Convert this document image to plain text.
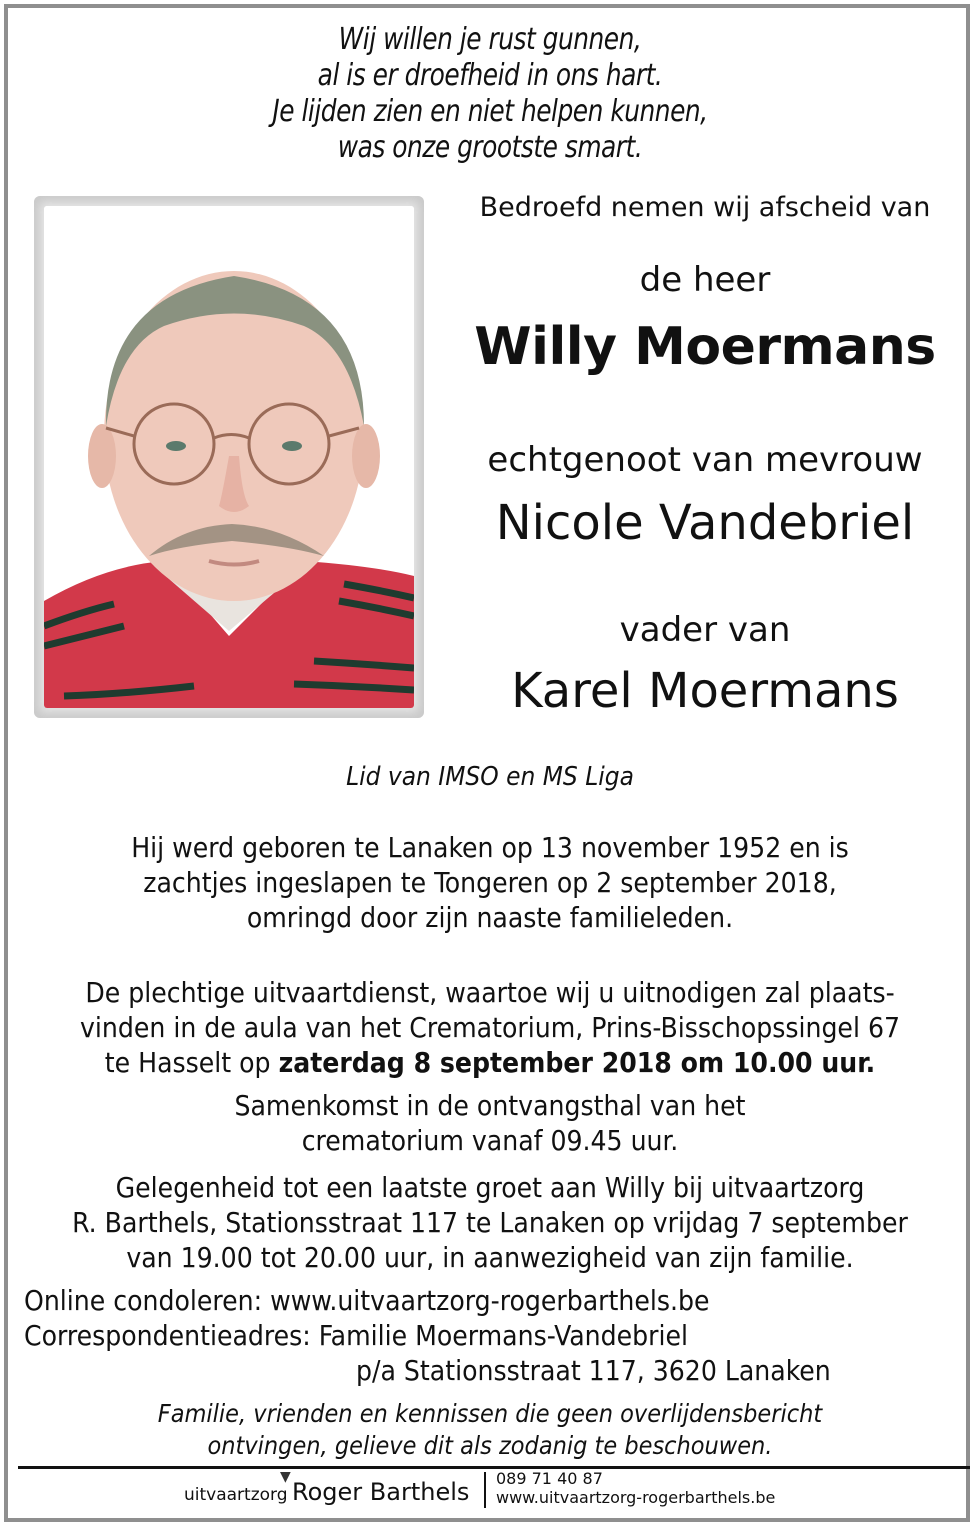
Wij willen je rust gunnen,
al is er droefheid in ons hart.
Je lijden zien en niet helpen kunnen,
was onze grootste smart.
Bedroefd nemen wij afscheid van
de heer
Willy Moermans
echtgenoot van mevrouw
Nicole Vandebriel
vader van
Karel Moermans
Lid van IMSO en MS Liga
Hij werd geboren te Lanaken op 13 november 1952 en is
zachtjes ingeslapen te Tongeren op 2 september 2018,
omringd door zijn naaste familieleden.
De plechtige uitvaartdienst, waartoe wij u uitnodigen zal plaats-
vinden in de aula van het Crematorium, Prins-Bisschopssingel 67
te Hasselt op zaterdag 8 september 2018 om 10.00 uur.
Samenkomst in de ontvangsthal van het
crematorium vanaf 09.45 uur.
Gelegenheid tot een laatste groet aan Willy bij uitvaartzorg
R. Barthels, Stationsstraat 117 te Lanaken op vrijdag 7 september
van 19.00 tot 20.00 uur, in aanwezigheid van zijn familie.
Online condoleren: www.uitvaartzorg-rogerbarthels.be
Correspondentieadres: Familie Moermans-Vandebriel
p/a Stationsstraat 117, 3620 Lanaken
Familie, vrienden en kennissen die geen overlijdensbericht
ontvingen, gelieve dit als zodanig te beschouwen.
uitvaartzorg
▼
Roger Barthels 089 71 40 87
www.uitvaartzorg-rogerbarthels.be
